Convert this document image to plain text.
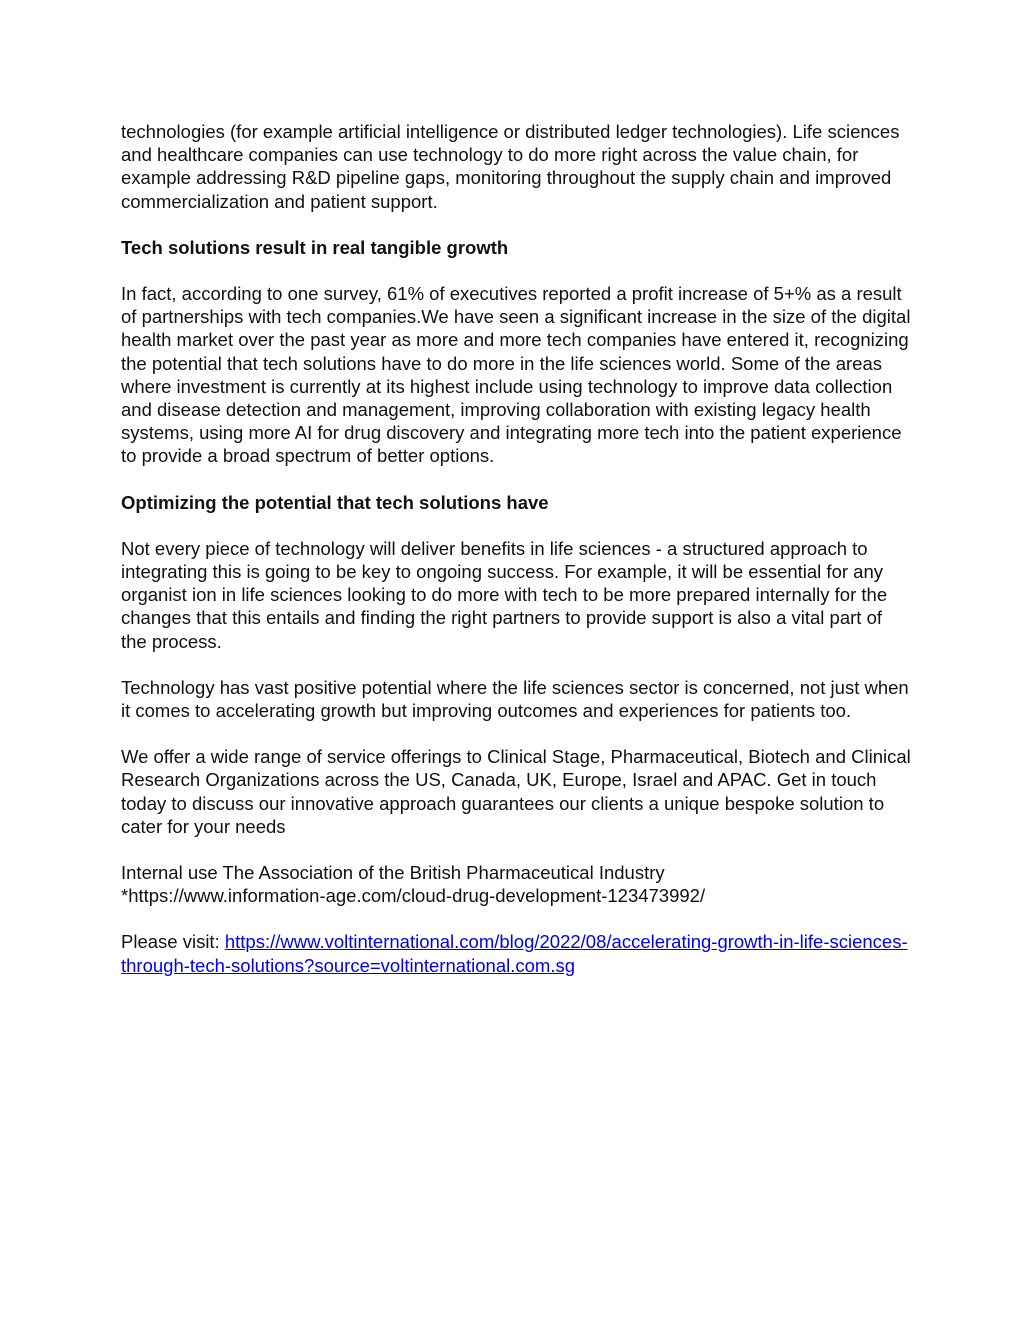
technologies (for example artificial intelligence or distributed ledger technologies). Life sciences and healthcare companies can use technology to do more right across the value chain, for example addressing R&D pipeline gaps, monitoring throughout the supply chain and improved commercialization and patient support.

Tech solutions result in real tangible growth

In fact, according to one survey, 61% of executives reported a profit increase of 5+% as a result of partnerships with tech companies.We have seen a significant increase in the size of the digital health market over the past year as more and more tech companies have entered it, recognizing the potential that tech solutions have to do more in the life sciences world. Some of the areas where investment is currently at its highest include using technology to improve data collection and disease detection and management, improving collaboration with existing legacy health systems, using more AI for drug discovery and integrating more tech into the patient experience to provide a broad spectrum of better options.

Optimizing the potential that tech solutions have

Not every piece of technology will deliver benefits in life sciences - a structured approach to integrating this is going to be key to ongoing success. For example, it will be essential for any organist ion in life sciences looking to do more with tech to be more prepared internally for the changes that this entails and finding the right partners to provide support is also a vital part of the process.

Technology has vast positive potential where the life sciences sector is concerned, not just when it comes to accelerating growth but improving outcomes and experiences for patients too.

We offer a wide range of service offerings to Clinical Stage, Pharmaceutical, Biotech and Clinical Research Organizations across the US, Canada, UK, Europe, Israel and APAC. Get in touch today to discuss our innovative approach guarantees our clients a unique bespoke solution to cater for your needs

Internal use The Association of the British Pharmaceutical Industry
*https://www.information-age.com/cloud-drug-development-123473992/

Please visit: https://www.voltinternational.com/blog/2022/08/accelerating-growth-in-life-sciences-through-tech-solutions?source=voltinternational.com.sg
